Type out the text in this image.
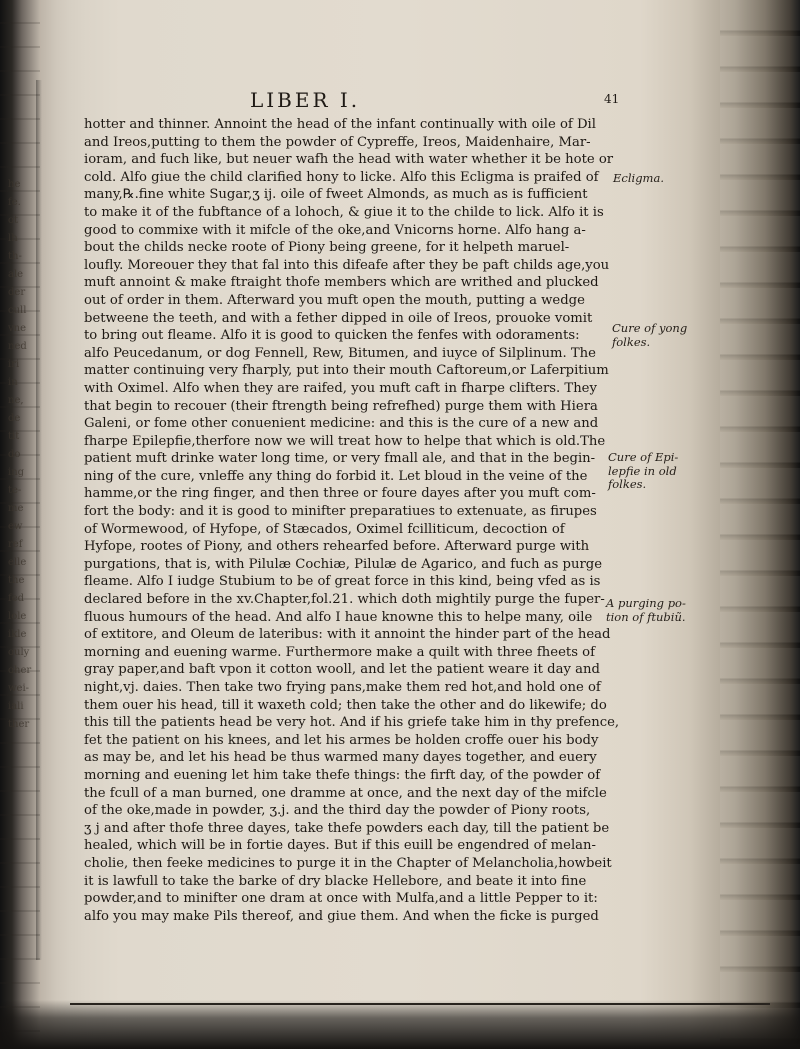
he
fe.
ot
lh
th-
ale
der
cull
vne
ned
iri
in
ne,
de
tit
do
ing
te-
me
ew
ref
elle
the
fed
lole
ikle
ouly
oher
wei-
iali
ther
LIBER I.	41
hotter and thinner. Annoint the head of the infant continually with oile of Dil
and Ireos,putting to them the powder of Cypreffe, Ireos, Maidenhaire, Mar-
ioram, and fuch like, but neuer wafh the head with water whether it be hote or
cold. Alfo giue the child clarified hony to licke. Alfo this Ecligma is praifed of
many,℞.fine white Sugar,ʒ ij. oile of fweet Almonds, as much as is fufficient
to make it of the fubftance of a lohoch, & giue it to the childe to lick. Alfo it is
good to commixe with it mifcle of the oke,and Vnicorns horne. Alfo hang a-
bout the childs necke roote of Piony being greene, for it helpeth maruel-
loufly. Moreouer they that fal into this difeafe after they be paft childs age,you
muft annoint & make ftraight thofe members which are writhed and plucked
out of order in them. Afterward you muft open the mouth, putting a wedge
betweene the teeth, and with a fether dipped in oile of Ireos, prouoke vomit
to bring out fleame. Alfo it is good to quicken the fenfes with odoraments:
alfo Peucedanum, or dog Fennell, Rew, Bitumen, and iuyce of Silplinum. The
matter continuing very fharply, put into their mouth Caftoreum,or Laferpitium
with Oximel. Alfo when they are raifed, you muft caft in fharpe clifters. They
that begin to recouer (their ftrength being refrefhed) purge them with Hiera
Galeni, or fome other conuenient medicine: and this is the cure of a new and
fharpe Epilepfie,therfore now we will treat how to helpe that which is old.The
patient muft drinke water long time, or very fmall ale, and that in the begin-
ning of the cure, vnleffe any thing do forbid it. Let bloud in the veine of the
hamme,or the ring finger, and then three or foure dayes after you muft com-
fort the body: and it is good to minifter preparatiues to extenuate, as firupes
of Wormewood, of Hyfope, of Stæcados, Oximel fcilliticum, decoction of
Hyfope, rootes of Piony, and others rehearfed before. Afterward purge with
purgations, that is, with Pilulæ Cochiæ, Pilulæ de Agarico, and fuch as purge
fleame. Alfo I iudge Stubium to be of great force in this kind, being vfed as is
declared before in the xv.Chapter,fol.21. which doth mightily purge the fuper-
fluous humours of the head. And alfo I haue knowne this to helpe many, oile
of extitore, and Oleum de lateribus: with it annoint the hinder part of the head
morning and euening warme. Furthermore make a quilt with three fheets of
gray paper,and baft vpon it cotton wooll, and let the patient weare it day and
night,vj. daies. Then take two frying pans,make them red hot,and hold one of
them ouer his head, till it waxeth cold; then take the other and do likewife; do
this till the patients head be very hot. And if his griefe take him in thy prefence,
fet the patient on his knees, and let his armes be holden croffe ouer his body
as may be, and let his head be thus warmed many dayes together, and euery
morning and euening let him take thefe things: the firft day, of the powder of
the fcull of a man burned, one dramme at once, and the next day of the mifcle
of the oke,made in powder, ʒ.j. and the third day the powder of Piony roots,
ʒ j and after thofe three dayes, take thefe powders each day, till the patient be
healed, which will be in fortie dayes. But if this euill be engendred of melan-
cholie, then feeke medicines to purge it in the Chapter of Melancholia,howbeit
it is lawfull to take the barke of dry blacke Hellebore, and beate it into fine
powder,and to minifter one dram at once with Mulfa,and a little Pepper to it:
alfo you may make Pils thereof, and giue them. And when the ficke is purged
Ecligma.
Cure of yong
folkes.
Cure of Epi-
lepfie in old
folkes.
A purging po-
tion of ftubiũ.
